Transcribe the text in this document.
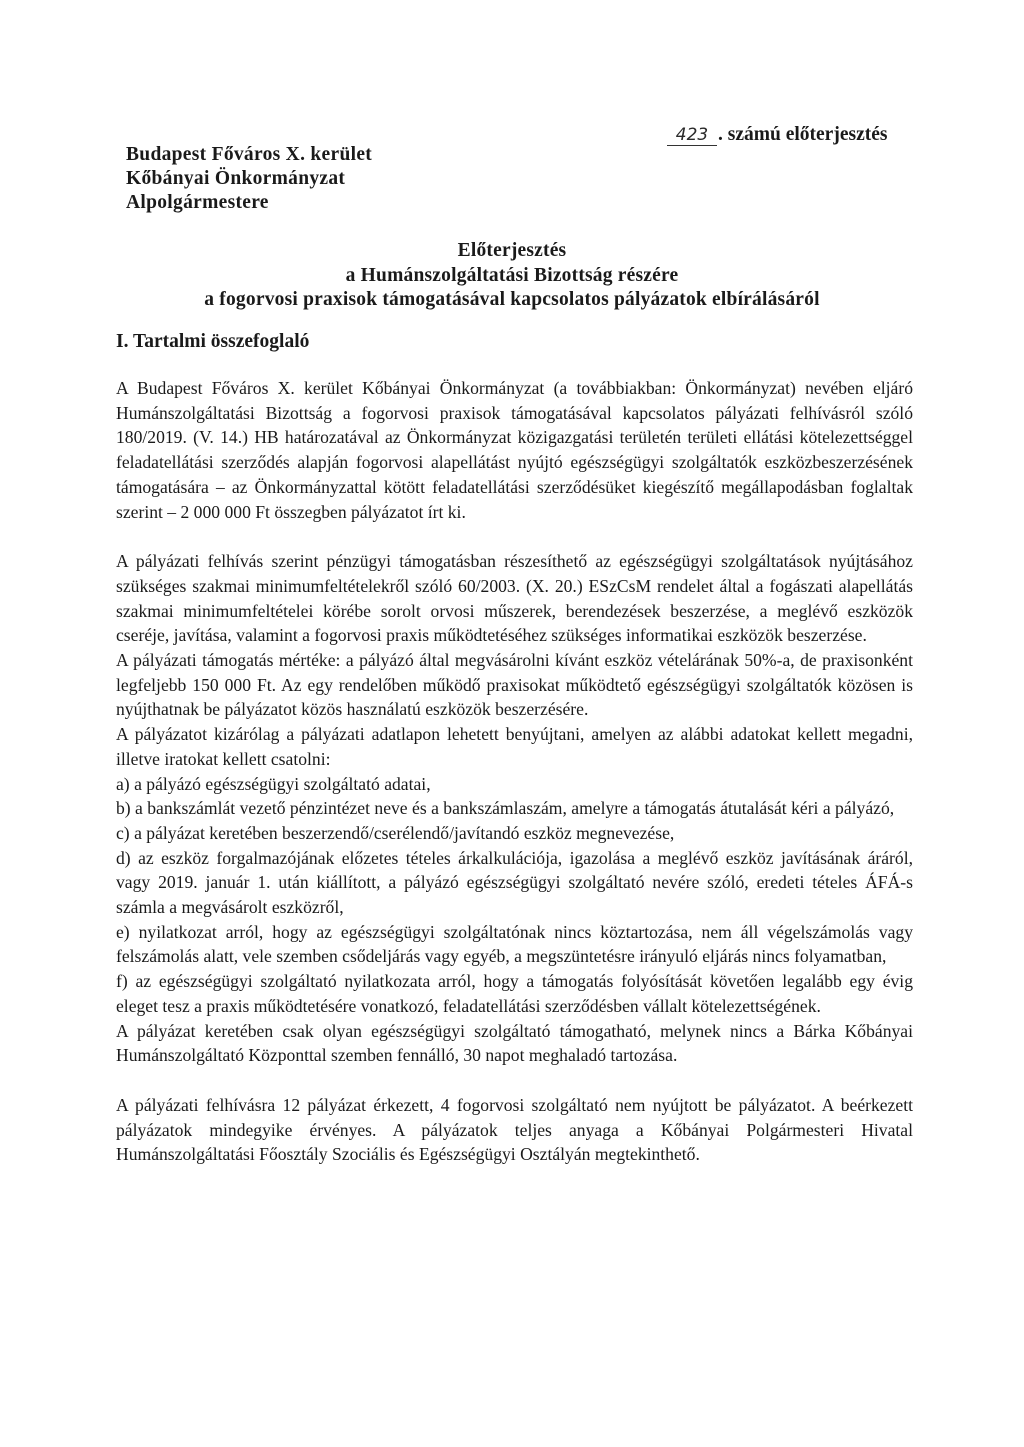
Budapest Főváros X. kerület
Kőbányai Önkormányzat
Alpolgármestere
423 . számú előterjesztés
Előterjesztés
a Humánszolgáltatási Bizottság részére
a fogorvosi praxisok támogatásával kapcsolatos pályázatok elbírálásáról
I. Tartalmi összefoglaló

A Budapest Főváros X. kerület Kőbányai Önkormányzat (a továbbiakban: Önkormányzat) nevében eljáró Humánszolgáltatási Bizottság a fogorvosi praxisok támogatásával kapcsolatos pályázati felhívásról szóló 180/2019. (V. 14.) HB határozatával az Önkormányzat közigazgatási területén területi ellátási kötelezettséggel feladatellátási szerződés alapján fogorvosi alapellátást nyújtó egészségügyi szolgáltatók eszközbeszerzésének támogatására – az Önkormányzattal kötött feladatellátási szerződésüket kiegészítő megállapodásban foglaltak szerint – 2 000 000 Ft összegben pályázatot írt ki.

A pályázati felhívás szerint pénzügyi támogatásban részesíthető az egészségügyi szolgáltatások nyújtásához szükséges szakmai minimumfeltételekről szóló 60/2003. (X. 20.) ESzCsM rendelet által a fogászati alapellátás szakmai minimumfeltételei körébe sorolt orvosi műszerek, berendezések beszerzése, a meglévő eszközök cseréje, javítása, valamint a fogorvosi praxis működtetéséhez szükséges informatikai eszközök beszerzése.

A pályázati támogatás mértéke: a pályázó által megvásárolni kívánt eszköz vételárának 50%-a, de praxisonként legfeljebb 150 000 Ft. Az egy rendelőben működő praxisokat működtető egészségügyi szolgáltatók közösen is nyújthatnak be pályázatot közös használatú eszközök beszerzésére.

A pályázatot kizárólag a pályázati adatlapon lehetett benyújtani, amelyen az alábbi adatokat kellett megadni, illetve iratokat kellett csatolni:

a) a pályázó egészségügyi szolgáltató adatai,

b) a bankszámlát vezető pénzintézet neve és a bankszámlaszám, amelyre a támogatás átutalását kéri a pályázó,

c) a pályázat keretében beszerzendő/cserélendő/javítandó eszköz megnevezése,

d) az eszköz forgalmazójának előzetes tételes árkalkulációja, igazolása a meglévő eszköz javításának áráról, vagy 2019. január 1. után kiállított, a pályázó egészségügyi szolgáltató nevére szóló, eredeti tételes ÁFÁ-s számla a megvásárolt eszközről,

e) nyilatkozat arról, hogy az egészségügyi szolgáltatónak nincs köztartozása, nem áll végelszámolás vagy felszámolás alatt, vele szemben csődeljárás vagy egyéb, a megszüntetésre irányuló eljárás nincs folyamatban,

f) az egészségügyi szolgáltató nyilatkozata arról, hogy a támogatás folyósítását követően legalább egy évig eleget tesz a praxis működtetésére vonatkozó, feladatellátási szerződésben vállalt kötelezettségének.

A pályázat keretében csak olyan egészségügyi szolgáltató támogatható, melynek nincs a Bárka Kőbányai Humánszolgáltató Központtal szemben fennálló, 30 napot meghaladó tartozása.

A pályázati felhívásra 12 pályázat érkezett, 4 fogorvosi szolgáltató nem nyújtott be pályázatot. A beérkezett pályázatok mindegyike érvényes. A pályázatok teljes anyaga a Kőbányai Polgármesteri Hivatal Humánszolgáltatási Főosztály Szociális és Egészségügyi Osztályán megtekinthető.
